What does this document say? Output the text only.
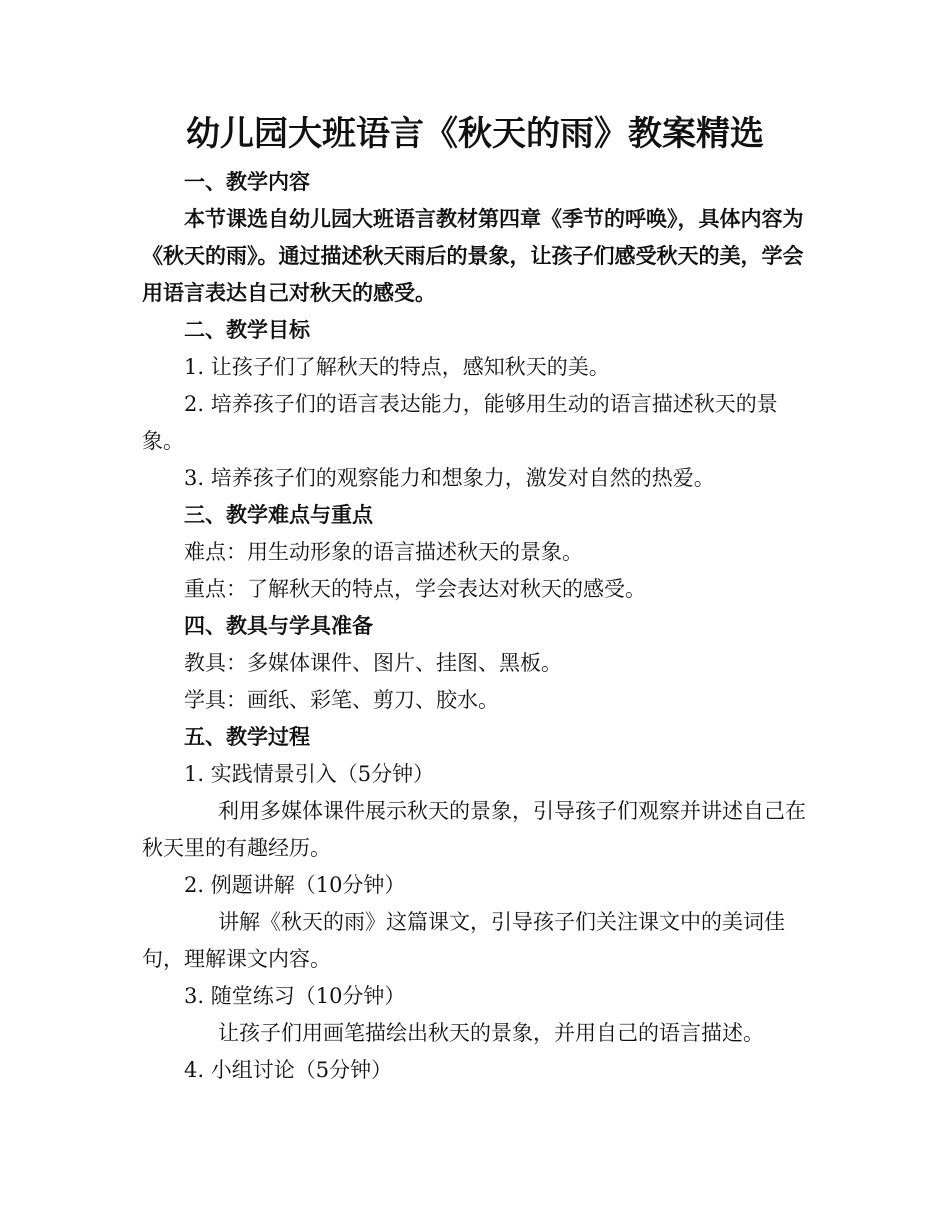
幼儿园大班语言《秋天的雨》教案精选

一、教学内容

本节课选自幼儿园大班语言教材第四章《季节的呼唤》，具体内容为《秋天的雨》。通过描述秋天雨后的景象，让孩子们感受秋天的美，学会用语言表达自己对秋天的感受。

二、教学目标

1. 让孩子们了解秋天的特点，感知秋天的美。

2. 培养孩子们的语言表达能力，能够用生动的语言描述秋天的景象。

3. 培养孩子们的观察能力和想象力，激发对自然的热爱。

三、教学难点与重点

难点：用生动形象的语言描述秋天的景象。

重点：了解秋天的特点，学会表达对秋天的感受。

四、教具与学具准备

教具：多媒体课件、图片、挂图、黑板。

学具：画纸、彩笔、剪刀、胶水。

五、教学过程

1. 实践情景引入（5分钟）

利用多媒体课件展示秋天的景象，引导孩子们观察并讲述自己在秋天里的有趣经历。

2. 例题讲解（10分钟）

讲解《秋天的雨》这篇课文，引导孩子们关注课文中的美词佳句，理解课文内容。

3. 随堂练习（10分钟）

让孩子们用画笔描绘出秋天的景象，并用自己的语言描述。

4. 小组讨论（5分钟）
